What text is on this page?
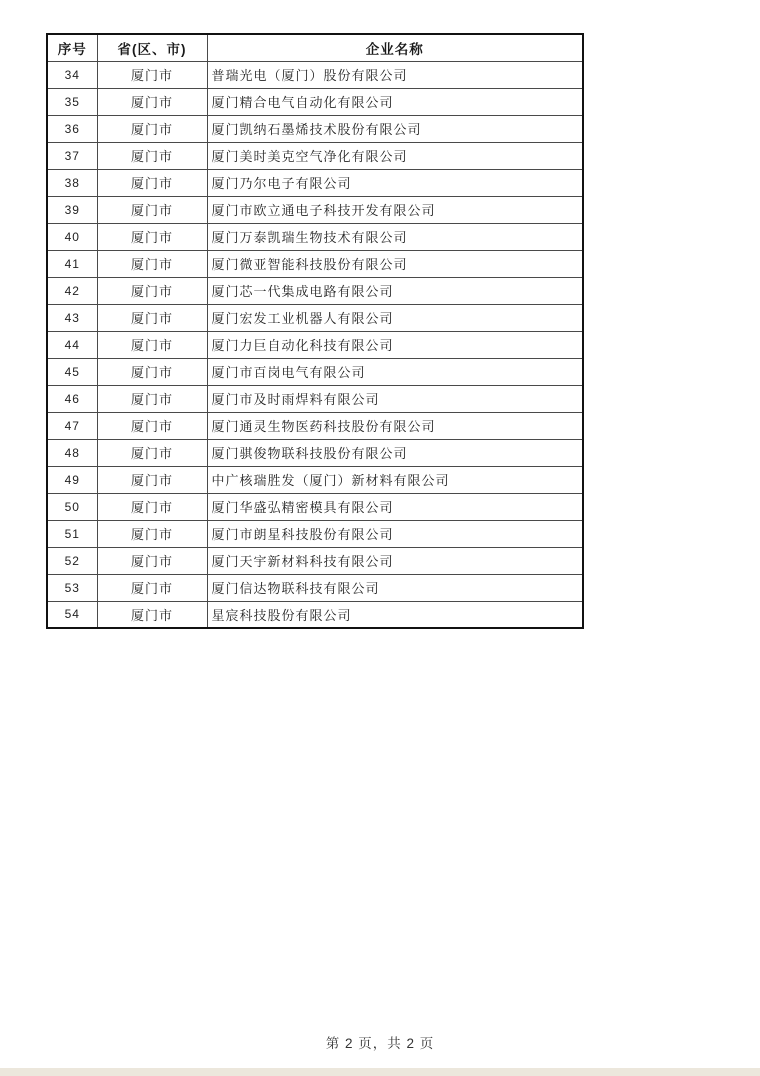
序号	省(区、市)	企业名称
34	厦门市	普瑞光电（厦门）股份有限公司
35	厦门市	厦门精合电气自动化有限公司
36	厦门市	厦门凯纳石墨烯技术股份有限公司
37	厦门市	厦门美时美克空气净化有限公司
38	厦门市	厦门乃尔电子有限公司
39	厦门市	厦门市欧立通电子科技开发有限公司
40	厦门市	厦门万泰凯瑞生物技术有限公司
41	厦门市	厦门微亚智能科技股份有限公司
42	厦门市	厦门芯一代集成电路有限公司
43	厦门市	厦门宏发工业机器人有限公司
44	厦门市	厦门力巨自动化科技有限公司
45	厦门市	厦门市百岗电气有限公司
46	厦门市	厦门市及时雨焊料有限公司
47	厦门市	厦门通灵生物医药科技股份有限公司
48	厦门市	厦门骐俊物联科技股份有限公司
49	厦门市	中广核瑞胜发（厦门）新材料有限公司
50	厦门市	厦门华盛弘精密模具有限公司
51	厦门市	厦门市朗星科技股份有限公司
52	厦门市	厦门天宇新材料科技有限公司
53	厦门市	厦门信达物联科技有限公司
54	厦门市	星宸科技股份有限公司
第 2 页，共 2 页
